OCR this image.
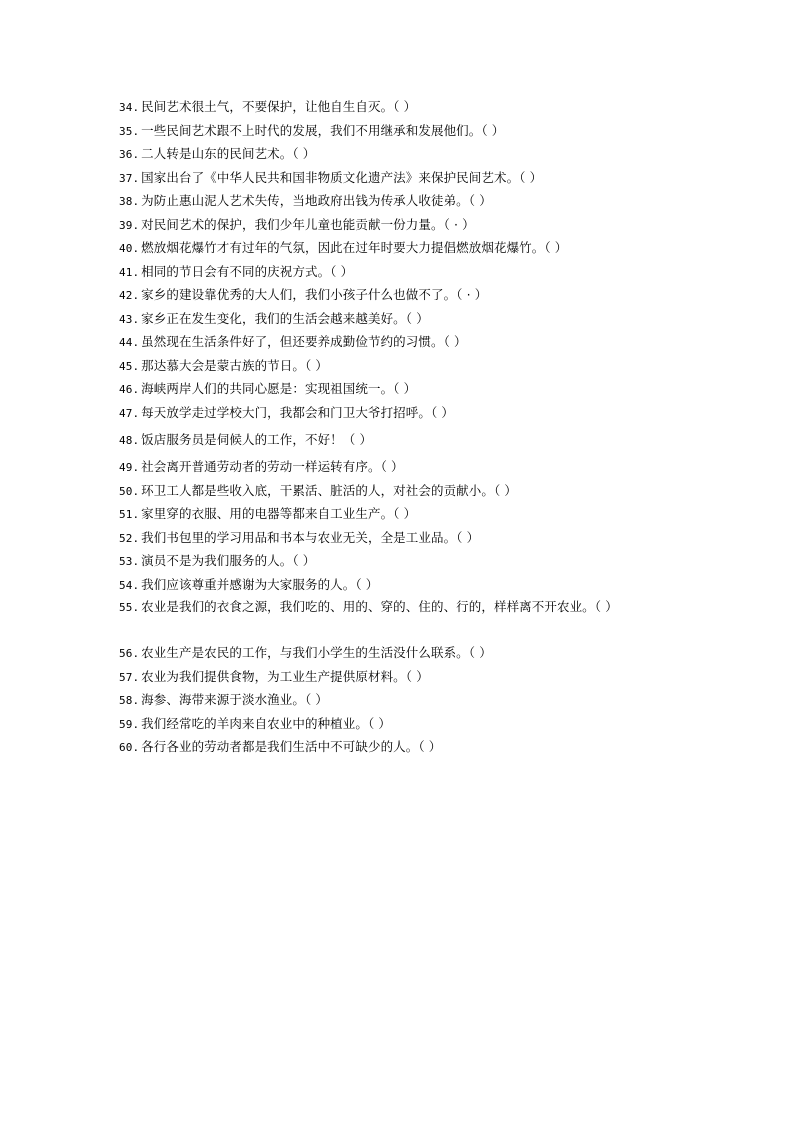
34. 民间艺术很土气，不要保护，让他自生自灭。（ ）
35. 一些民间艺术跟不上时代的发展，我们不用继承和发展他们。（ ）
36. 二人转是山东的民间艺术。（ ）
37. 国家出台了《中华人民共和国非物质文化遗产法》来保护民间艺术。（ ）
38. 为防止惠山泥人艺术失传，当地政府出钱为传承人收徒弟。（ ）
39. 对民间艺术的保护，我们少年儿童也能贡献一份力量。（ · ）
40. 燃放烟花爆竹才有过年的气氛，因此在过年时要大力提倡燃放烟花爆竹。（ ）
41. 相同的节日会有不同的庆祝方式。（ ）
42. 家乡的建设靠优秀的大人们，我们小孩子什么也做不了。（ · ）
43. 家乡正在发生变化，我们的生活会越来越美好。（ ）
44. 虽然现在生活条件好了，但还要养成勤俭节约的习惯。（ ）
45. 那达慕大会是蒙古族的节日。（ ）
46. 海峡两岸人们的共同心愿是：实现祖国统一。（ ）
47. 每天放学走过学校大门，我都会和门卫大爷打招呼。（ ）
48. 饭店服务员是伺候人的工作，不好！（ ）
49. 社会离开普通劳动者的劳动一样运转有序。（ ）
50. 环卫工人都是些收入底，干累活、脏活的人，对社会的贡献小。（ ）
51. 家里穿的衣服、用的电器等都来自工业生产。（ ）
52. 我们书包里的学习用品和书本与农业无关，全是工业品。（ ）
53. 演员不是为我们服务的人。（ ）
54. 我们应该尊重并感谢为大家服务的人。（ ）
55. 农业是我们的衣食之源，我们吃的、用的、穿的、住的、行的，样样离不开农业。（ ）
56. 农业生产是农民的工作，与我们小学生的生活没什么联系。（ ）
57. 农业为我们提供食物，为工业生产提供原材料。（ ）
58. 海参、海带来源于淡水渔业。（ ）
59. 我们经常吃的羊肉来自农业中的种植业。（ ）
60. 各行各业的劳动者都是我们生活中不可缺少的人。（ ）
